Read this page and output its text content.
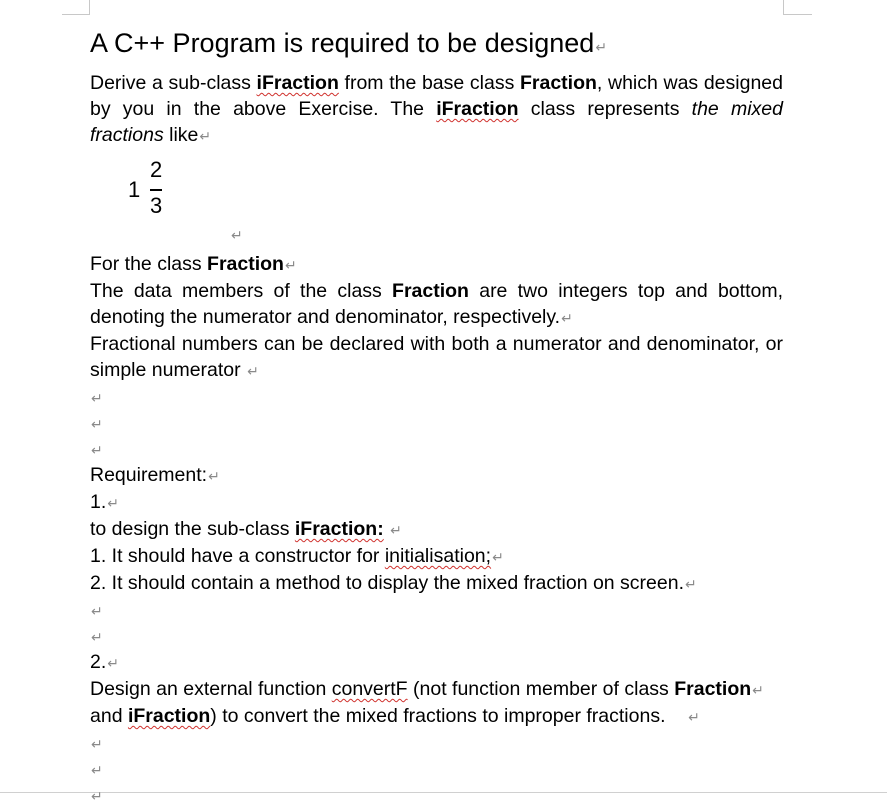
A C++ Program is required to be designed↵

Derive a sub-class iFraction from the base class Fraction, which was designed by you in the above Exercise. The iFraction class represents the mixed fractions like↵

1
2
3
↵

For the class Fraction↵

The data members of the class Fraction are two integers top and bottom, denoting the numerator and denominator, respectively.↵

Fractional numbers can be declared with both a numerator and denominator, or simple numerator ↵

↵
↵
↵

Requirement:↵

1.↵

to design the sub-class iFraction: ↵

1. It should have a constructor for initialisation;↵

2. It should contain a method to display the mixed fraction on screen.↵

↵
↵

2.↵

Design an external function convertF (not function member of class Fraction↵

and iFraction) to convert the mixed fractions to improper fractions.    ↵

↵
↵
↵
